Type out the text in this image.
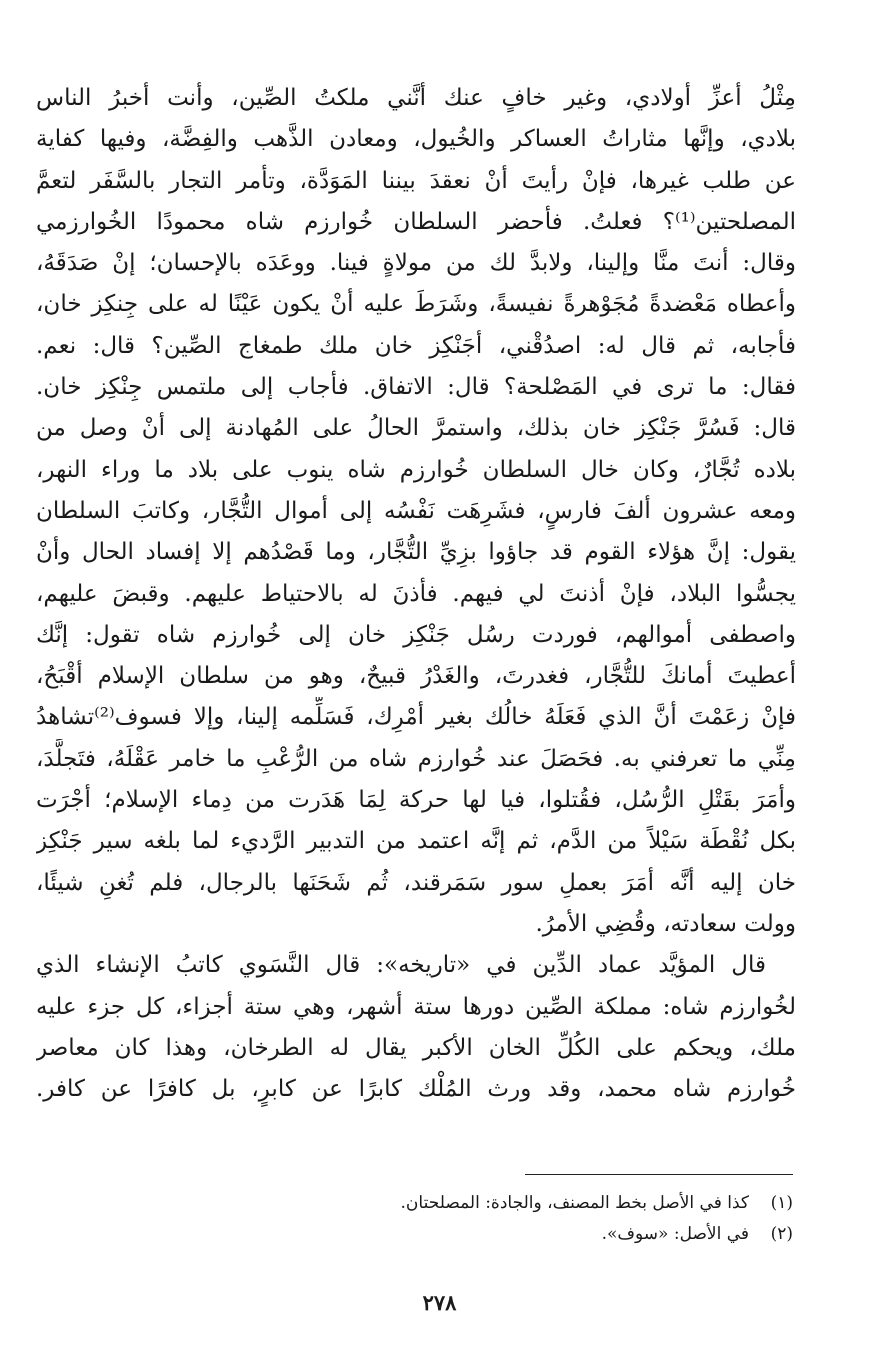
مِثْلُ أعزِّ أولادي، وغير خافٍ عنك أنَّني ملكتُ الصِّين، وأنت أخبرُ الناس
بلادي، وإنَّها مثاراتُ العساكر والخُيول، ومعادن الذَّهب والفِضَّة، وفيها كفاية
عن طلب غيرها، فإنْ رأيتَ أنْ نعقدَ بيننا المَوَدَّة، وتأمر التجار بالسَّفَر لتعمَّ
المصلحتين⁽¹⁾؟ فعلتُ. فأحضر السلطان خُوارزم شاه محمودًا الخُوارزمي
وقال: أنتَ منَّا وإلينا، ولابدَّ لك من مولاةٍ فينا. ووعَدَه بالإحسان؛ إنْ صَدَقَهُ،
وأعطاه مَعْضدةً مُجَوْهرةً نفيسةً، وشَرَطَ عليه أنْ يكون عَيْنًا له على جِنكِز خان،
فأجابه، ثم قال له: اصدُقْني، أجَنْكِز خان ملك طمغاج الصِّين؟ قال: نعم.
فقال: ما ترى في المَصْلحة؟ قال: الاتفاق. فأجاب إلى ملتمس جِنْكِز خان.
قال: فَسُرَّ جَنْكِز خان بذلك، واستمرَّ الحالُ على المُهادنة إلى أنْ وصل من
بلاده تُجَّارٌ، وكان خال السلطان خُوارزم شاه ينوب على بلاد ما وراء النهر،
ومعه عشرون ألفَ فارسٍ، فشَرِهَت نَفْسُه إلى أموال التُّجَّار، وكاتبَ السلطان
يقول: إنَّ هؤلاء القوم قد جاؤوا بزِيِّ التُّجَّار، وما قَصْدُهم إلا إفساد الحال وأنْ
يجسُّوا البلاد، فإنْ أذنتَ لي فيهم. فأذنَ له بالاحتياط عليهم. وقبضَ عليهم،
واصطفى أموالهم، فوردت رسُل جَنْكِز خان إلى خُوارزم شاه تقول: إنَّك
أعطيتَ أمانكَ للتُّجَّار، فغدرتَ، والغَدْرُ قبيحٌ، وهو من سلطان الإسلام أقْبَحُ،
فإنْ زعَمْتَ أنَّ الذي فَعَلَهُ خالُك بغير أمْرِك، فَسَلِّمه إلينا، وإلا فسوف⁽²⁾تشاهدُ
مِنِّي ما تعرفني به. فحَصَلَ عند خُوارزم شاه من الرُّعْبِ ما خامر عَقْلَهُ، فتَجلَّدَ،
وأمَرَ بقَتْلِ الرُّسُل، فقُتلوا، فيا لها حركة لِمَا هَدَرت من دِماء الإسلام؛ أجْرَت
بكل نُقْطَة سَيْلاً من الدَّم، ثم إنَّه اعتمد من التدبير الرَّديء لما بلغه سير جَنْكِز
خان إليه أنَّه أمَرَ بعملِ سور سَمَرقند، ثُم شَحَنَها بالرجال، فلم تُغنِ شيئًا،
وولت سعادته، وقُضِي الأمرُ.
قال المؤيَّد عماد الدِّين في «تاريخه»: قال النَّسَوي كاتبُ الإنشاء الذي
لخُوارزم شاه: مملكة الصِّين دورها ستة أشهر، وهي ستة أجزاء، كل جزء عليه
ملك، ويحكم على الكُلِّ الخان الأكبر يقال له الطرخان، وهذا كان معاصر
خُوارزم شاه محمد، وقد ورث المُلْك كابرًا عن كابرٍ، بل كافرًا عن كافر.
(١)كذا في الأصل بخط المصنف، والجادة: المصلحتان.
(٢)في الأصل: «سوف».
٢٧٨
